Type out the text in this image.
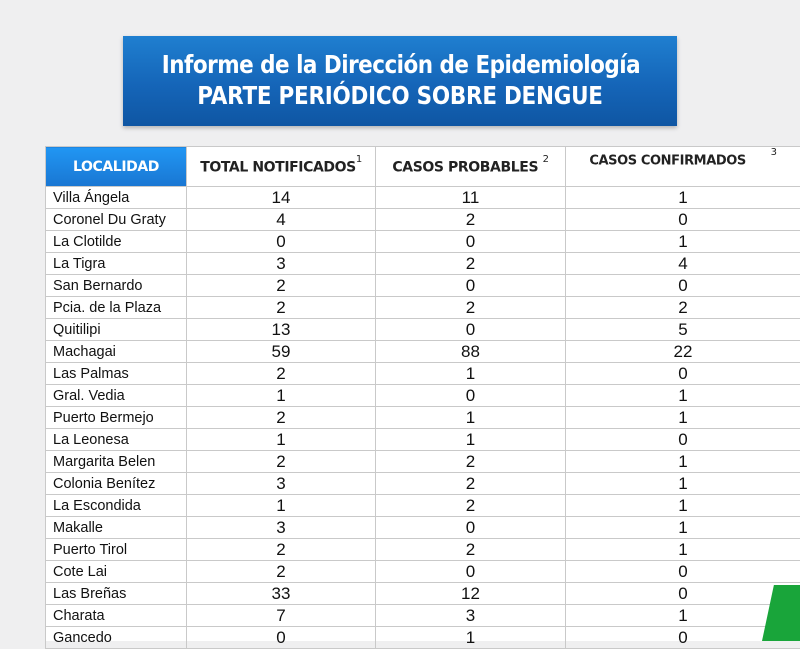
Informe de la Dirección de Epidemiología
PARTE PERIÓDICO SOBRE DENGUE
LOCALIDAD	TOTAL NOTIFICADOS$^1$	CASOS PROBABLES $^2$	CASOS CONFIRMADOS      $^3$
Villa Ángela	14	11	1
Coronel Du Graty	4	2	0
La Clotilde	0	0	1
La Tigra	3	2	4
San Bernardo	2	0	0
Pcia. de la Plaza	2	2	2
Quitilipi	13	0	5
Machagai	59	88	22
Las Palmas	2	1	0
Gral. Vedia	1	0	1
Puerto Bermejo	2	1	1
La Leonesa	1	1	0
Margarita Belen	2	2	1
Colonia Benítez	3	2	1
La Escondida	1	2	1
Makalle	3	0	1
Puerto Tirol	2	2	1
Cote Lai	2	0	0
Las Breñas	33	12	0
Charata	7	3	1
Gancedo	0	1	0
